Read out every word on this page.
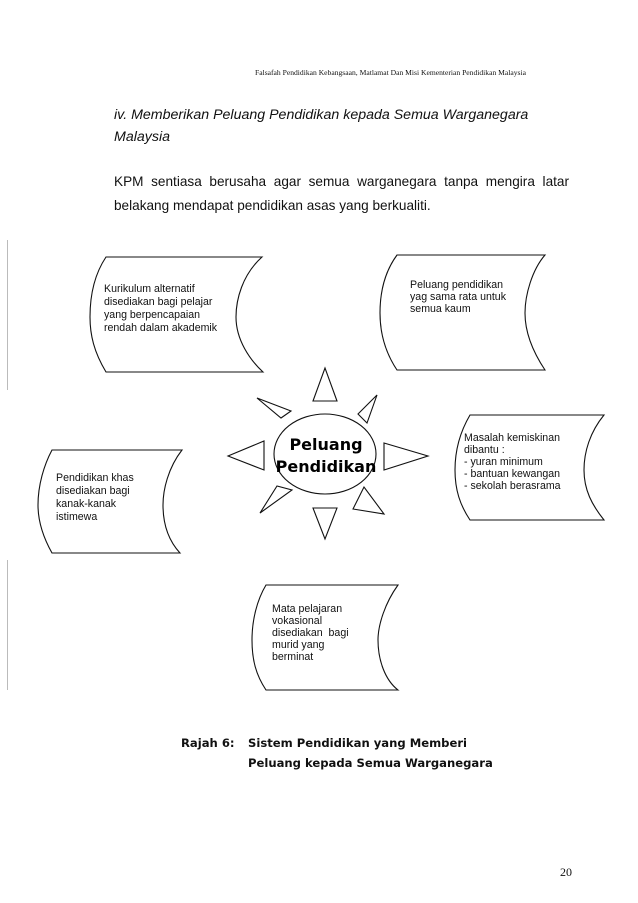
Falsafah Pendidikan Kebangsaan, Matlamat Dan Misi Kementerian Pendidikan Malaysia
iv. Memberikan Peluang Pendidikan kepada Semua Warganegara Malaysia
KPM sentiasa berusaha agar semua warganegara tanpa mengira latar
belakang mendapat pendidikan asas yang berkualiti.
Peluang
Pendidikan
Kurikulum alternatif
disediakan bagi pelajar
yang berpencapaian
rendah dalam akademik
Peluang pendidikan
yag sama rata untuk
semua kaum
Masalah kemiskinan
dibantu :
- yuran minimum
- bantuan kewangan
- sekolah berasrama
Pendidikan khas
disediakan bagi
kanak-kanak
istimewa
Mata pelajaran
vokasional
disediakan  bagi
murid yang
berminat
Rajah 6: Sistem Pendidikan yang Memberi
Peluang kepada Semua Warganegara
20
